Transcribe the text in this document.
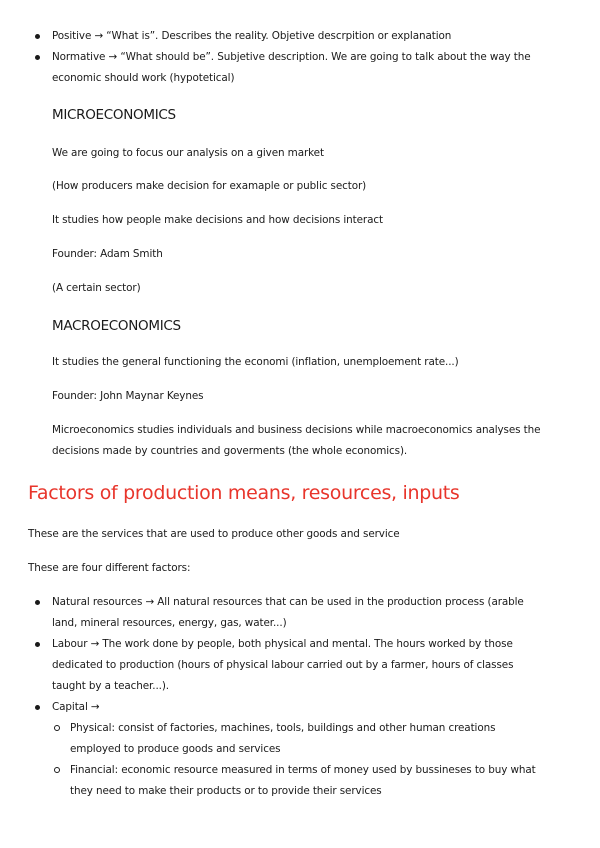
Positive → “What is”. Describes the reality. Objetive descrpition or explanation
Normative → “What should be”. Subjetive description. We are going to talk about the way the economic should work (hypotetical)
MICROECONOMICS
We are going to focus our analysis on a given market
(How producers make decision for examaple or public sector)
It studies how people make decisions and how decisions interact
Founder: Adam Smith
(A certain sector)
MACROECONOMICS
It studies the general functioning the economi (inflation, unemploement rate...)
Founder: John Maynar Keynes
Microeconomics studies individuals and business decisions while macroeconomics analyses the decisions made by countries and goverments (the whole economics).
Factors of production means, resources, inputs
These are the services that are used to produce other goods and service
These are four different factors:
Natural resources → All natural resources that can be used in the production process (arable land, mineral resources, energy, gas, water...)
Labour → The work done by people, both physical and mental. The hours worked by those dedicated to production (hours of physical labour carried out by a farmer, hours of classes taught by a teacher...).
Capital →
Physical: consist of factories, machines, tools, buildings and other human creations employed to produce goods and services
Financial: economic resource measured in terms of money used by bussineses to buy what they need to make their products or to provide their services
